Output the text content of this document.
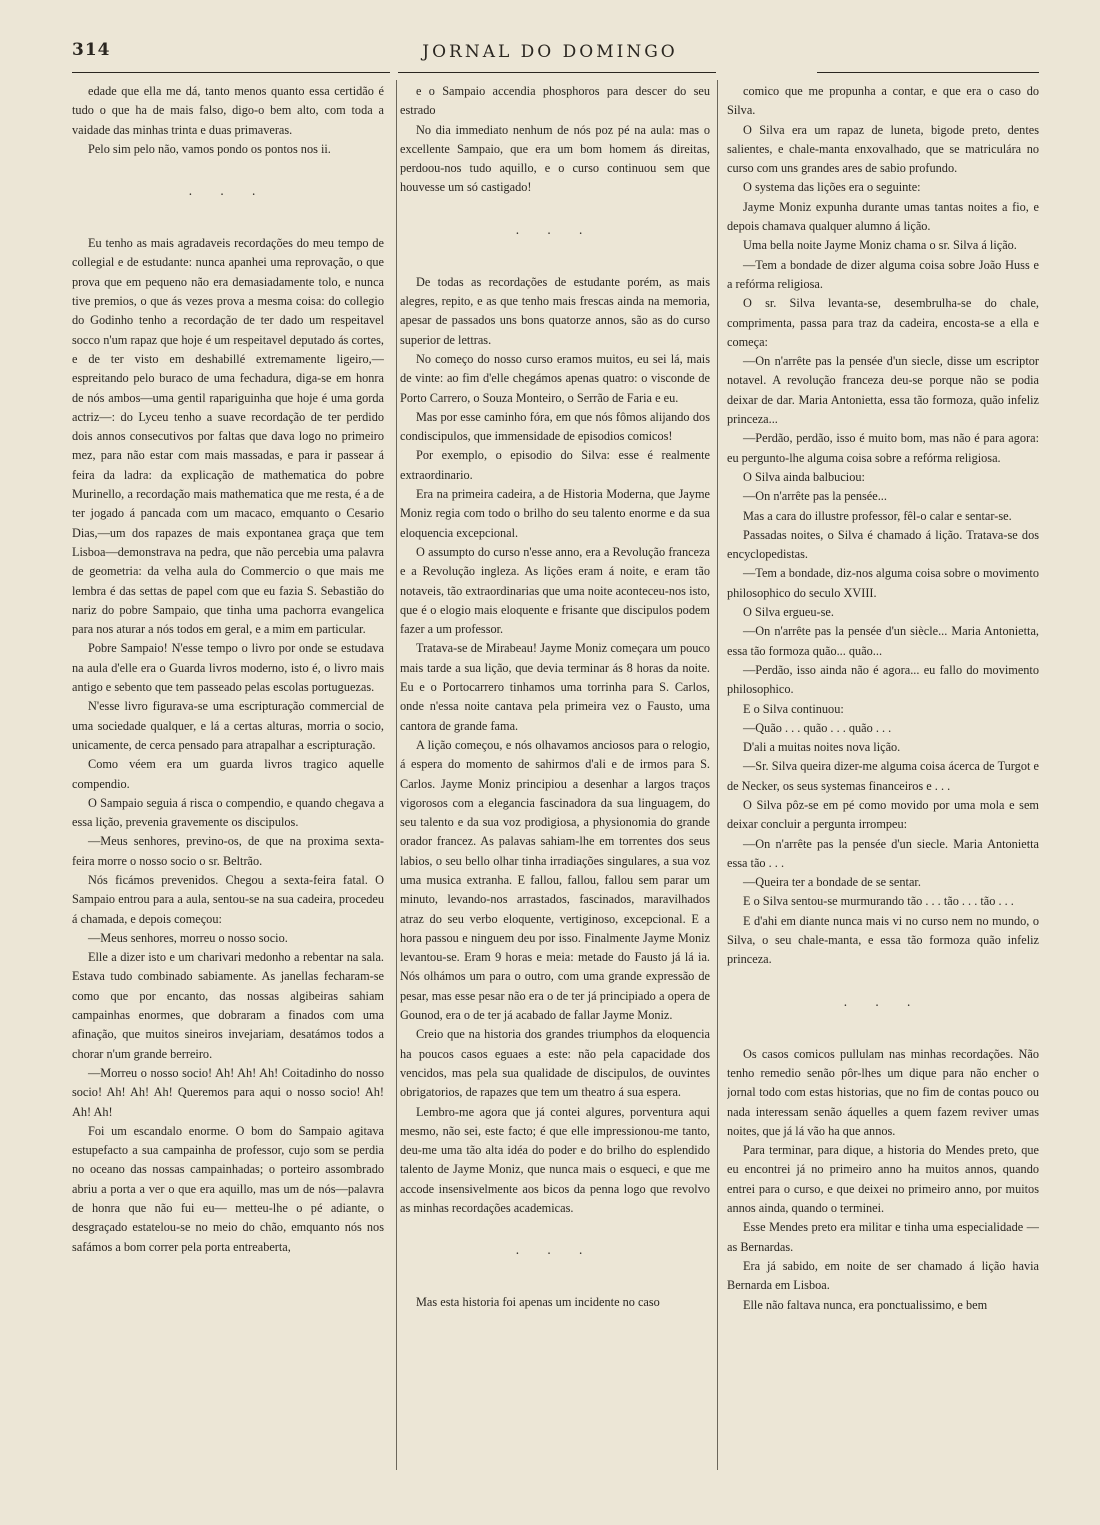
314	JORNAL DO DOMINGO

edade que ella me dá, tanto menos quanto essa certidão é tudo o que ha de mais falso, digo-o bem alto, com toda a vaidade das minhas trinta e duas primaveras.

Pelo sim pelo não, vamos pondo os pontos nos ii.

. . .

Eu tenho as mais agradaveis recordações do meu tempo de collegial e de estudante: nunca apanhei uma reprovação, o que prova que em pequeno não era demasiadamente tolo, e nunca tive premios, o que ás vezes prova a mesma coisa: do collegio do Godinho tenho a recordação de ter dado um respeitavel socco n'um rapaz que hoje é um respeitavel deputado ás cortes, e de ter visto em deshabillé extremamente ligeiro,—espreitando pelo buraco de uma fechadura, diga-se em honra de nós ambos—uma gentil rapariguinha que hoje é uma gorda actriz—: do Lyceu tenho a suave recordação de ter perdido dois annos consecutivos por faltas que dava logo no primeiro mez, para não estar com mais massadas, e para ir passear á feira da ladra: da explicação de mathematica do pobre Murinello, a recordação mais mathematica que me resta, é a de ter jogado á pancada com um macaco, emquanto o Cesario Dias,—um dos rapazes de mais expontanea graça que tem Lisboa—demonstrava na pedra, que não percebia uma palavra de geometria: da velha aula do Commercio o que mais me lembra é das settas de papel com que eu fazia S. Sebastião do nariz do pobre Sampaio, que tinha uma pachorra evangelica para nos aturar a nós todos em geral, e a mim em particular.

Pobre Sampaio! N'esse tempo o livro por onde se estudava na aula d'elle era o Guarda livros moderno, isto é, o livro mais antigo e sebento que tem passeado pelas escolas portuguezas.

N'esse livro figurava-se uma escripturação commercial de uma sociedade qualquer, e lá a certas alturas, morria o socio, unicamente, de cerca pensado para atrapalhar a escripturação.

Como véem era um guarda livros tragico aquelle compendio.

O Sampaio seguia á risca o compendio, e quando chegava a essa lição, prevenia gravemente os discipulos.

—Meus senhores, previno-os, de que na proxima sexta-feira morre o nosso socio o sr. Beltrão.

Nós ficámos prevenidos. Chegou a sexta-feira fatal. O Sampaio entrou para a aula, sentou-se na sua cadeira, procedeu á chamada, e depois começou:

—Meus senhores, morreu o nosso socio.

Elle a dizer isto e um charivari medonho a rebentar na sala. Estava tudo combinado sabiamente. As janellas fecharam-se como que por encanto, das nossas algibeiras sahiam campainhas enormes, que dobraram a finados com uma afinação, que muitos sineiros invejariam, desatámos todos a chorar n'um grande berreiro.

—Morreu o nosso socio! Ah! Ah! Ah! Coitadinho do nosso socio! Ah! Ah! Ah! Queremos para aqui o nosso socio! Ah! Ah! Ah!

Foi um escandalo enorme. O bom do Sampaio agitava estupefacto a sua campainha de professor, cujo som se perdia no oceano das nossas campainhadas; o porteiro assombrado abriu a porta a ver o que era aquillo, mas um de nós—palavra de honra que não fui eu— metteu-lhe o pé adiante, o desgraçado estatelou-se no meio do chão, emquanto nós nos safámos a bom correr pela porta entreaberta,

e o Sampaio accendia phosphoros para descer do seu estrado

No dia immediato nenhum de nós poz pé na aula: mas o excellente Sampaio, que era um bom homem ás direitas, perdoou-nos tudo aquillo, e o curso continuou sem que houvesse um só castigado!

. . .

De todas as recordações de estudante porém, as mais alegres, repito, e as que tenho mais frescas ainda na memoria, apesar de passados uns bons quatorze annos, são as do curso superior de lettras.

No começo do nosso curso eramos muitos, eu sei lá, mais de vinte: ao fim d'elle chegámos apenas quatro: o visconde de Porto Carrero, o Souza Monteiro, o Serrão de Faria e eu.

Mas por esse caminho fóra, em que nós fômos alijando dos condiscipulos, que immensidade de episodios comicos!

Por exemplo, o episodio do Silva: esse é realmente extraordinario.

Era na primeira cadeira, a de Historia Moderna, que Jayme Moniz regia com todo o brilho do seu talento enorme e da sua eloquencia excepcional.

O assumpto do curso n'esse anno, era a Revolução franceza e a Revolução ingleza. As lições eram á noite, e eram tão notaveis, tão extraordinarias que uma noite aconteceu-nos isto, que é o elogio mais eloquente e frisante que discipulos podem fazer a um professor.

Tratava-se de Mirabeau! Jayme Moniz começara um pouco mais tarde a sua lição, que devia terminar ás 8 horas da noite. Eu e o Portocarrero tinhamos uma torrinha para S. Carlos, onde n'essa noite cantava pela primeira vez o Fausto, uma cantora de grande fama.

A lição começou, e nós olhavamos anciosos para o relogio, á espera do momento de sahirmos d'ali e de irmos para S. Carlos. Jayme Moniz principiou a desenhar a largos traços vigorosos com a elegancia fascinadora da sua linguagem, do seu talento e da sua voz prodigiosa, a physionomia do grande orador francez. As palavas sahiam-lhe em torrentes dos seus labios, o seu bello olhar tinha irradiações singulares, a sua voz uma musica extranha. E fallou, fallou, fallou sem parar um minuto, levando-nos arrastados, fascinados, maravilhados atraz do seu verbo eloquente, vertiginoso, excepcional. E a hora passou e ninguem deu por isso. Finalmente Jayme Moniz levantou-se. Eram 9 horas e meia: metade do Fausto já lá ia. Nós olhámos um para o outro, com uma grande expressão de pesar, mas esse pesar não era o de ter já principiado a opera de Gounod, era o de ter já acabado de fallar Jayme Moniz.

Creio que na historia dos grandes triumphos da eloquencia ha poucos casos eguaes a este: não pela capacidade dos vencidos, mas pela sua qualidade de discipulos, de ouvintes obrigatorios, de rapazes que tem um theatro á sua espera.

Lembro-me agora que já contei algures, porventura aqui mesmo, não sei, este facto; é que elle impressionou-me tanto, deu-me uma tão alta idéa do poder e do brilho do esplendido talento de Jayme Moniz, que nunca mais o esqueci, e que me accode insensivelmente aos bicos da penna logo que revolvo as minhas recordações academicas.

. . .

Mas esta historia foi apenas um incidente no caso

comico que me propunha a contar, e que era o caso do Silva.

O Silva era um rapaz de luneta, bigode preto, dentes salientes, e chale-manta enxovalhado, que se matriculára no curso com uns grandes ares de sabio profundo.

O systema das lições era o seguinte:

Jayme Moniz expunha durante umas tantas noites a fio, e depois chamava qualquer alumno á lição.

Uma bella noite Jayme Moniz chama o sr. Silva á lição.

—Tem a bondade de dizer alguma coisa sobre João Huss e a refórma religiosa.

O sr. Silva levanta-se, desembrulha-se do chale, comprimenta, passa para traz da cadeira, encosta-se a ella e começa:

—On n'arrête pas la pensée d'un siecle, disse um escriptor notavel. A revolução franceza deu-se porque não se podia deixar de dar. Maria Antonietta, essa tão formoza, quão infeliz princeza...

—Perdão, perdão, isso é muito bom, mas não é para agora: eu pergunto-lhe alguma coisa sobre a refórma religiosa.

O Silva ainda balbuciou:

—On n'arrête pas la pensée...

Mas a cara do illustre professor, fêl-o calar e sentar-se.

Passadas noites, o Silva é chamado á lição. Tratava-se dos encyclopedistas.

—Tem a bondade, diz-nos alguma coisa sobre o movimento philosophico do seculo XVIII.

O Silva ergueu-se.

—On n'arrête pas la pensée d'un siècle... Maria Antonietta, essa tão formoza quão... quão...

—Perdão, isso ainda não é agora... eu fallo do movimento philosophico.

E o Silva continuou:

—Quão . . . quão . . . quão . . .

D'ali a muitas noites nova lição.

—Sr. Silva queira dizer-me alguma coisa ácerca de Turgot e de Necker, os seus systemas financeiros e . . .

O Silva pôz-se em pé como movido por uma mola e sem deixar concluir a pergunta irrompeu:

—On n'arrête pas la pensée d'un siecle. Maria Antonietta essa tão . . .

—Queira ter a bondade de se sentar.

E o Silva sentou-se murmurando tão . . . tão . . . tão . . .

E d'ahi em diante nunca mais vi no curso nem no mundo, o Silva, o seu chale-manta, e essa tão formoza quão infeliz princeza.

. . .

Os casos comicos pullulam nas minhas recordações. Não tenho remedio senão pôr-lhes um dique para não encher o jornal todo com estas historias, que no fim de contas pouco ou nada interessam senão áquelles a quem fazem reviver umas noites, que já lá vão ha que annos.

Para terminar, para dique, a historia do Mendes preto, que eu encontrei já no primeiro anno ha muitos annos, quando entrei para o curso, e que deixei no primeiro anno, por muitos annos ainda, quando o terminei.

Esse Mendes preto era militar e tinha uma especialidade — as Bernardas.

Era já sabido, em noite de ser chamado á lição havia Bernarda em Lisboa.

Elle não faltava nunca, era ponctualissimo, e bem
